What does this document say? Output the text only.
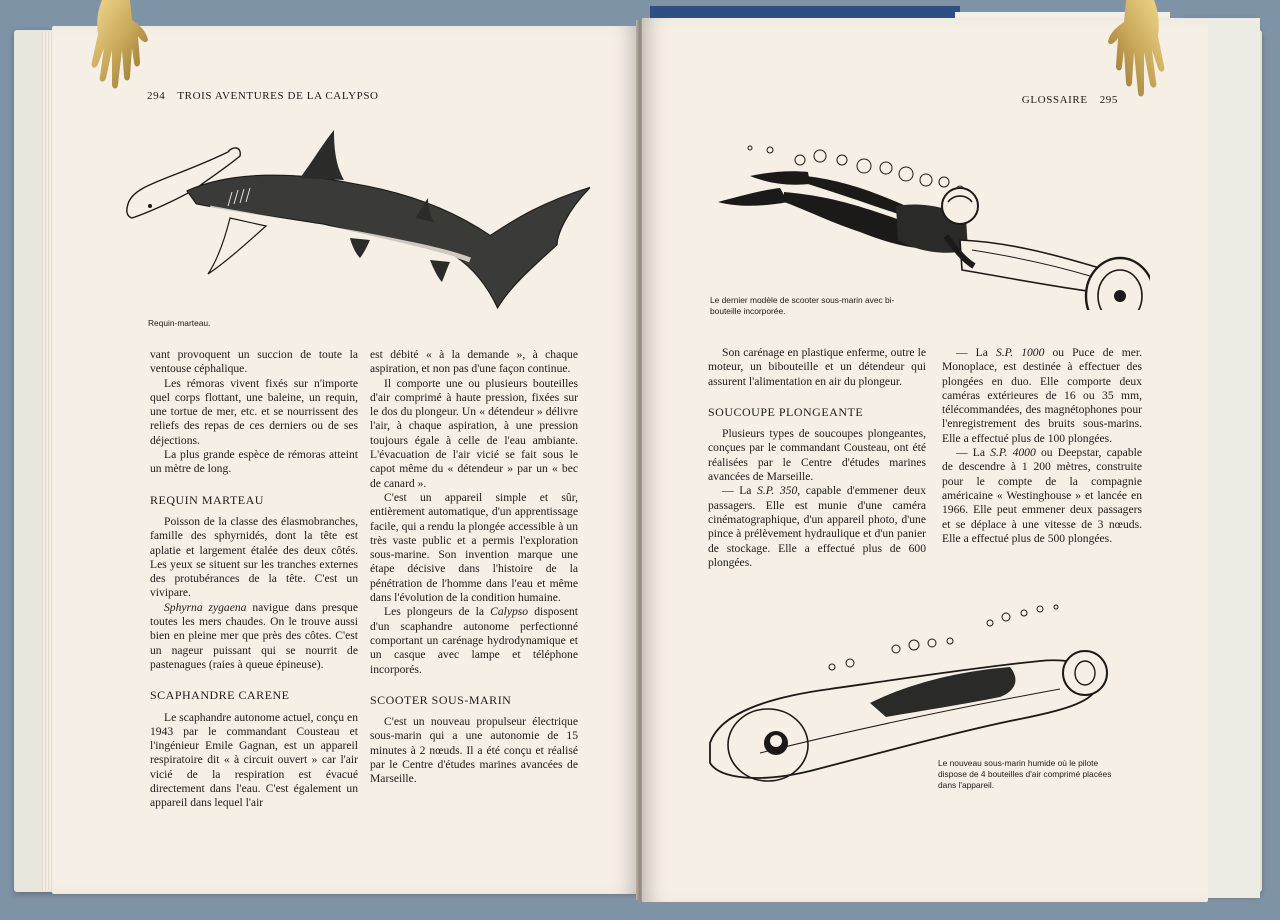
294 TROIS AVENTURES DE LA CALYPSO
Requin-marteau.

vant provoquent un succion de toute la ventouse céphalique.

Les rémoras vivent fixés sur n'importe quel corps flottant, une baleine, un requin, une tortue de mer, etc. et se nourrissent des reliefs des repas de ces derniers ou de ses déjections.

La plus grande espèce de rémoras atteint un mètre de long.

REQUIN MARTEAU

Poisson de la classe des élasmobranches, famille des sphyrnidés, dont la tête est aplatie et largement étalée des deux côtés. Les yeux se situent sur les tranches externes des protubérances de la tête. C'est un vivipare.

Sphyrna zygaena navigue dans presque toutes les mers chaudes. On le trouve aussi bien en pleine mer que près des côtes. C'est un nageur puissant qui se nourrit de pastenagues (raies à queue épineuse).

SCAPHANDRE CARENE

Le scaphandre autonome actuel, conçu en 1943 par le commandant Cousteau et l'ingénieur Emile Gagnan, est un appareil respiratoire dit « à circuit ouvert » car l'air vicié de la respiration est évacué directement dans l'eau. C'est également un appareil dans lequel l'air

est débité « à la demande », à chaque aspiration, et non pas d'une façon continue.

Il comporte une ou plusieurs bouteilles d'air comprimé à haute pression, fixées sur le dos du plongeur. Un « détendeur » délivre l'air, à chaque aspiration, à une pression toujours égale à celle de l'eau ambiante. L'évacuation de l'air vicié se fait sous le capot même du « détendeur » par un « bec de canard ».

C'est un appareil simple et sûr, entièrement automatique, d'un apprentissage facile, qui a rendu la plongée accessible à un très vaste public et a permis l'exploration sous-marine. Son invention marque une étape décisive dans l'histoire de la pénétration de l'homme dans l'eau et même dans l'évolution de la condition humaine.

Les plongeurs de la Calypso disposent d'un scaphandre autonome perfectionné comportant un carénage hydrodynamique et un casque avec lampe et téléphone incorporés.

SCOOTER SOUS-MARIN

C'est un nouveau propulseur électrique sous-marin qui a une autonomie de 15 minutes à 2 nœuds. Il a été conçu et réalisé par le Centre d'études marines avancées de Marseille.

GLOSSAIRE 295
Le dernier modèle de scooter sous-marin avec bi-bouteille incorporée.

Son carénage en plastique enferme, outre le moteur, un bibouteille et un détendeur qui assurent l'alimentation en air du plongeur.

SOUCOUPE PLONGEANTE

Plusieurs types de soucoupes plongeantes, conçues par le commandant Cousteau, ont été réalisées par le Centre d'études marines avancées de Marseille.

— La S.P. 350, capable d'emmener deux passagers. Elle est munie d'une caméra cinématographique, d'un appareil photo, d'une pince à prélèvement hydraulique et d'un panier de stockage. Elle a effectué plus de 600 plongées.

— La S.P. 1000 ou Puce de mer. Monoplace, est destinée à effectuer des plongées en duo. Elle comporte deux caméras extérieures de 16 ou 35 mm, télécommandées, des magnétophones pour l'enregistrement des bruits sous-marins. Elle a effectué plus de 100 plongées.

— La S.P. 4000 ou Deepstar, capable de descendre à 1 200 mètres, construite pour le compte de la compagnie américaine « Westinghouse » et lancée en 1966. Elle peut emmener deux passagers et se déplace à une vitesse de 3 nœuds. Elle a effectué plus de 500 plongées.

Le nouveau sous-marin humide où le pilote dispose de 4 bouteilles d'air comprimé placées dans l'appareil.
